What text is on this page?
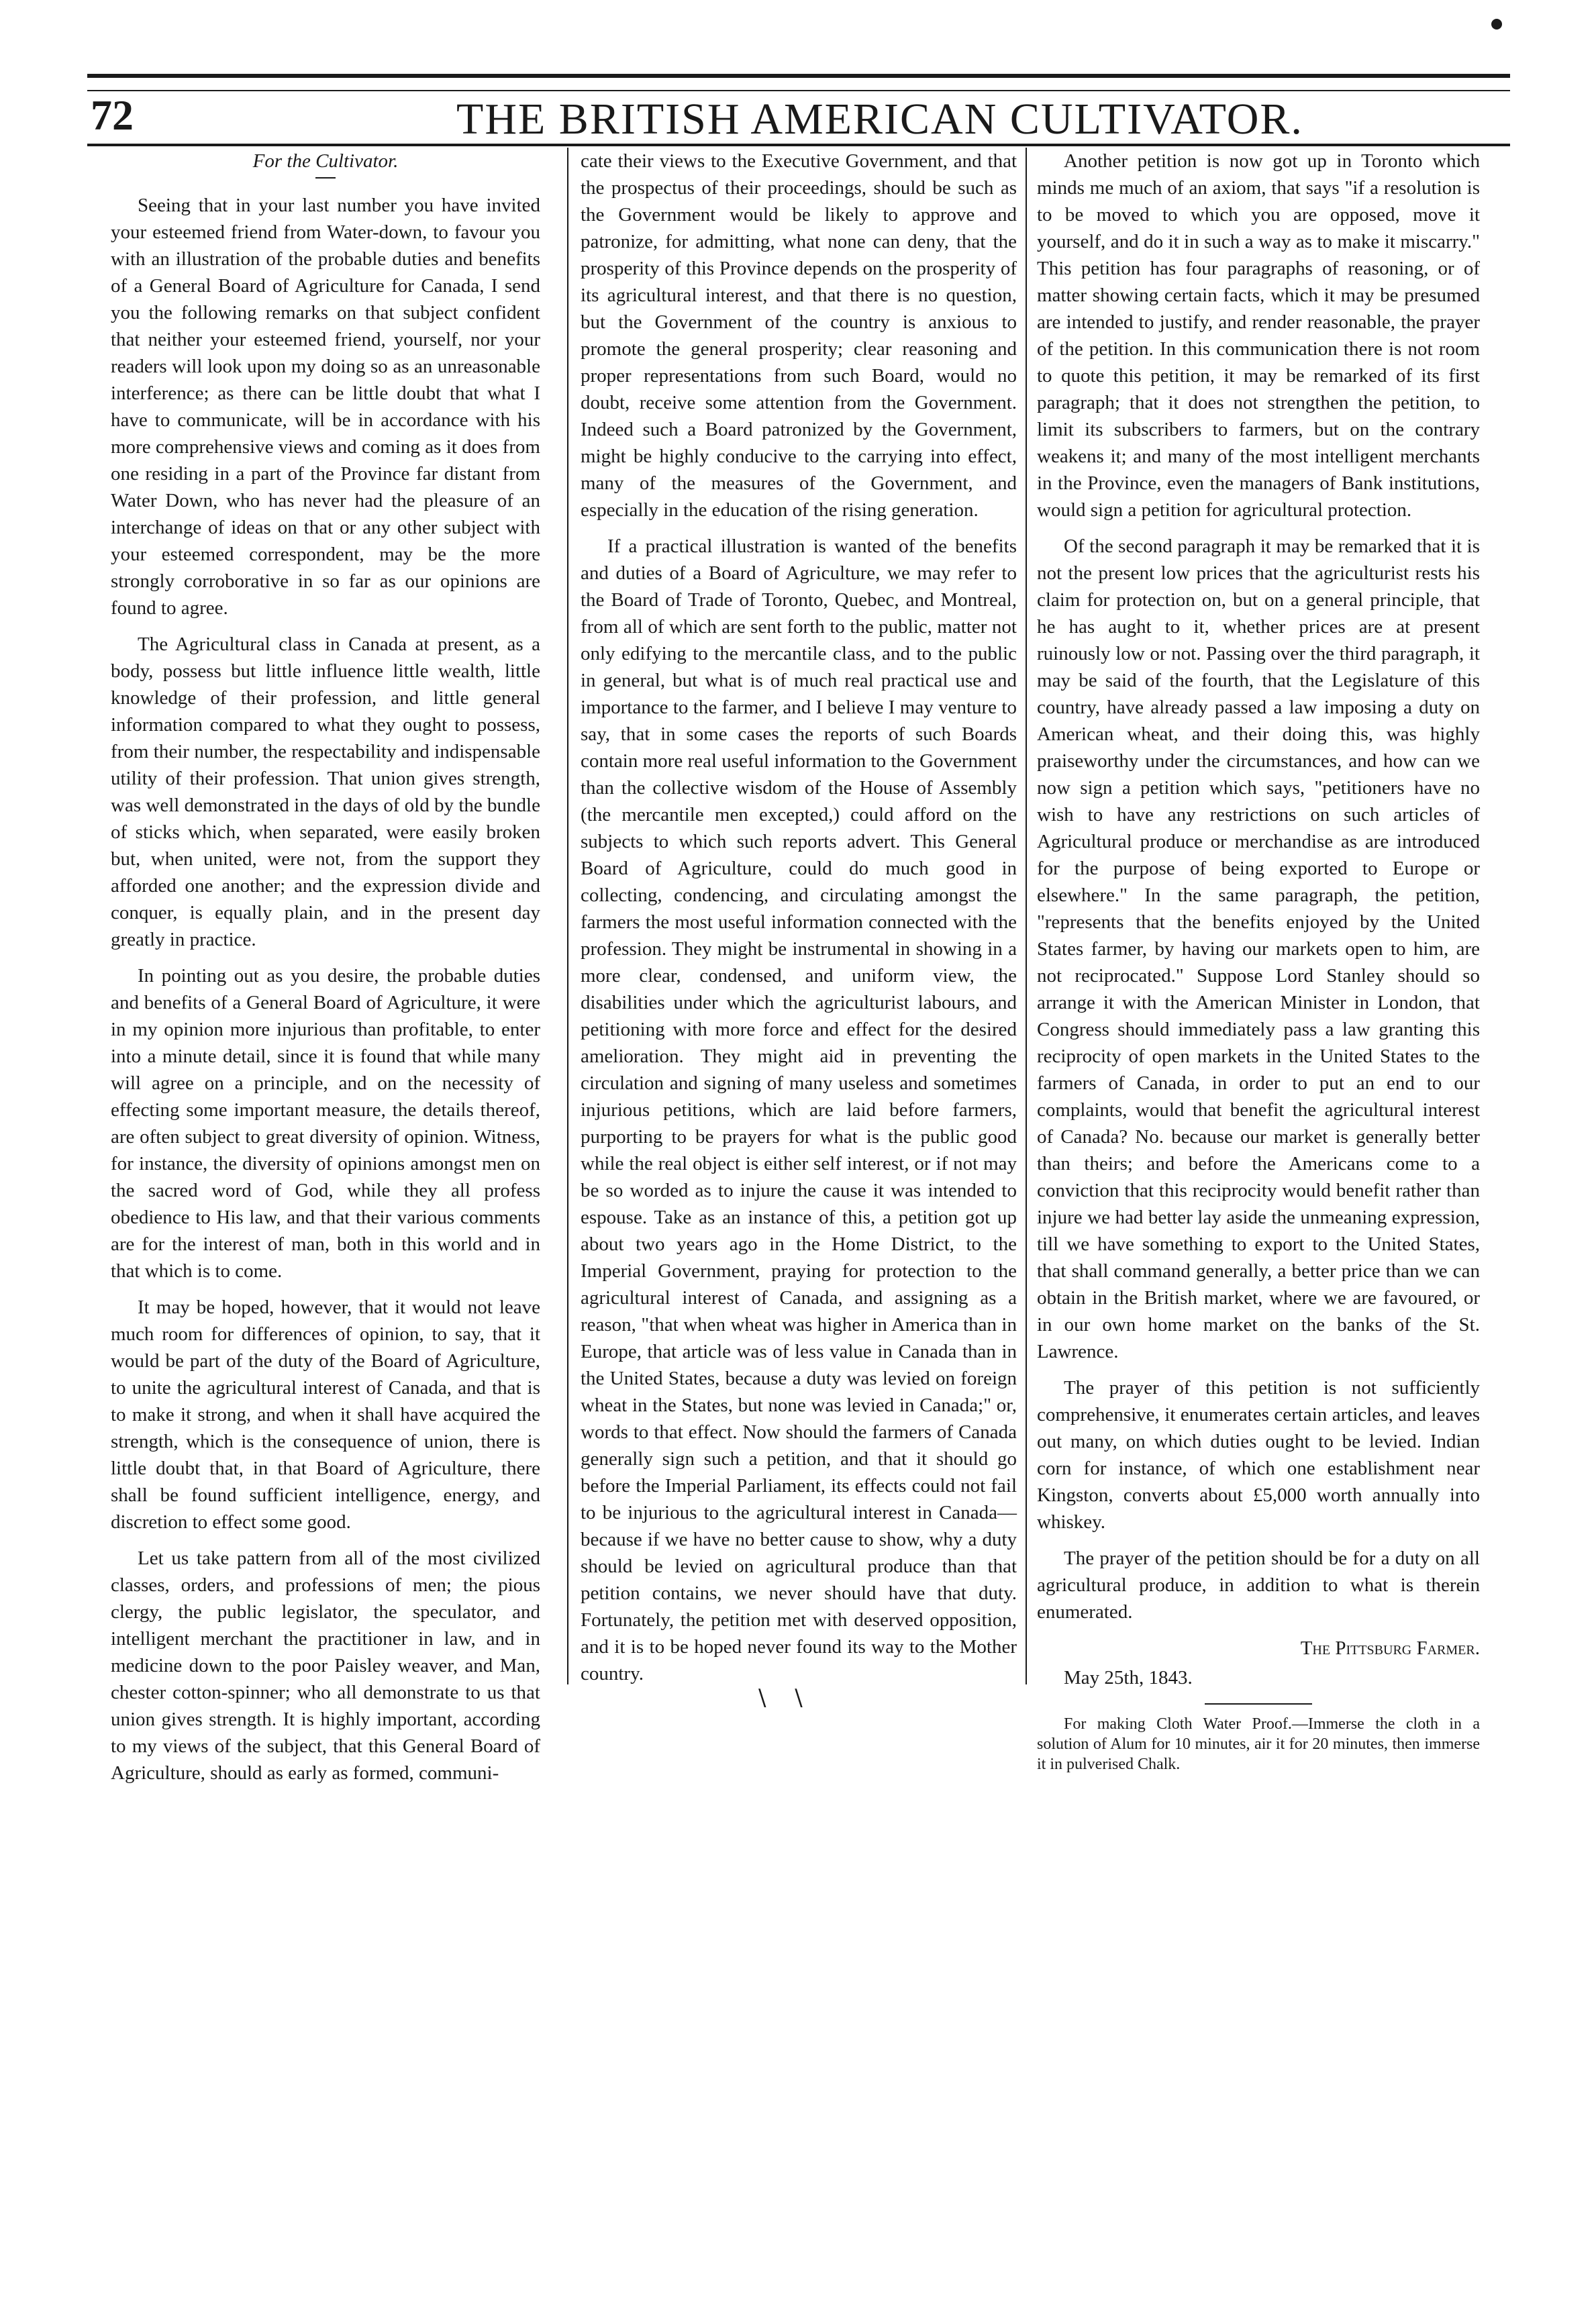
72	THE BRITISH AMERICAN CULTIVATOR.
For the Cultivator.

Seeing that in your last number you have invited your esteemed friend from Water-down, to favour you with an illustration of the probable duties and benefits of a General Board of Agriculture for Canada, I send you the following remarks on that subject confident that neither your esteemed friend, yourself, nor your readers will look upon my doing so as an unreasonable interference; as there can be little doubt that what I have to communicate, will be in accordance with his more comprehensive views and coming as it does from one residing in a part of the Province far distant from Water Down, who has never had the pleasure of an interchange of ideas on that or any other subject with your esteemed correspondent, may be the more strongly corroborative in so far as our opinions are found to agree.

The Agricultural class in Canada at present, as a body, possess but little influence little wealth, little knowledge of their profession, and little general information compared to what they ought to possess, from their number, the respectability and indispensable utility of their profession. That union gives strength, was well demonstrated in the days of old by the bundle of sticks which, when separated, were easily broken but, when united, were not, from the support they afforded one another; and the expression divide and conquer, is equally plain, and in the present day greatly in practice.

In pointing out as you desire, the probable duties and benefits of a General Board of Agriculture, it were in my opinion more injurious than profitable, to enter into a minute detail, since it is found that while many will agree on a principle, and on the necessity of effecting some important measure, the details thereof, are often subject to great diversity of opinion. Witness, for instance, the diversity of opinions amongst men on the sacred word of God, while they all profess obedience to His law, and that their various comments are for the interest of man, both in this world and in that which is to come.

It may be hoped, however, that it would not leave much room for differences of opinion, to say, that it would be part of the duty of the Board of Agriculture, to unite the agricultural interest of Canada, and that is to make it strong, and when it shall have acquired the strength, which is the consequence of union, there is little doubt that, in that Board of Agriculture, there shall be found sufficient intelligence, energy, and discretion to effect some good.

Let us take pattern from all of the most civilized classes, orders, and professions of men; the pious clergy, the public legislator, the speculator, and intelligent merchant the practitioner in law, and in medicine down to the poor Paisley weaver, and Man, chester cotton-spinner; who all demonstrate to us that union gives strength. It is highly important, according to my views of the subject, that this General Board of Agriculture, should as early as formed, communi-

cate their views to the Executive Government, and that the prospectus of their proceedings, should be such as the Government would be likely to approve and patronize, for admitting, what none can deny, that the prosperity of this Province depends on the prosperity of its agricultural interest, and that there is no question, but the Government of the country is anxious to promote the general prosperity; clear reasoning and proper representations from such Board, would no doubt, receive some attention from the Government. Indeed such a Board patronized by the Government, might be highly conducive to the carrying into effect, many of the measures of the Government, and especially in the education of the rising generation.

If a practical illustration is wanted of the benefits and duties of a Board of Agriculture, we may refer to the Board of Trade of Toronto, Quebec, and Montreal, from all of which are sent forth to the public, matter not only edifying to the mercantile class, and to the public in general, but what is of much real practical use and importance to the farmer, and I believe I may venture to say, that in some cases the reports of such Boards contain more real useful information to the Government than the collective wisdom of the House of Assembly (the mercantile men excepted,) could afford on the subjects to which such reports advert. This General Board of Agriculture, could do much good in collecting, condencing, and circulating amongst the farmers the most useful information connected with the profession. They might be instrumental in showing in a more clear, condensed, and uniform view, the disabilities under which the agriculturist labours, and petitioning with more force and effect for the desired amelioration. They might aid in preventing the circulation and signing of many useless and sometimes injurious petitions, which are laid before farmers, purporting to be prayers for what is the public good while the real object is either self interest, or if not may be so worded as to injure the cause it was intended to espouse. Take as an instance of this, a petition got up about two years ago in the Home District, to the Imperial Government, praying for protection to the agricultural interest of Canada, and assigning as a reason, "that when wheat was higher in America than in Europe, that article was of less value in Canada than in the United States, because a duty was levied on foreign wheat in the States, but none was levied in Canada;" or, words to that effect. Now should the farmers of Canada generally sign such a petition, and that it should go before the Imperial Parliament, its effects could not fail to be injurious to the agricultural interest in Canada—because if we have no better cause to show, why a duty should be levied on agricultural produce than that petition contains, we never should have that duty. Fortunately, the petition met with deserved opposition, and it is to be hoped never found its way to the Mother country.

Another petition is now got up in Toronto which minds me much of an axiom, that says "if a resolution is to be moved to which you are opposed, move it yourself, and do it in such a way as to make it miscarry." This petition has four paragraphs of reasoning, or of matter showing certain facts, which it may be presumed are intended to justify, and render reasonable, the prayer of the petition. In this communication there is not room to quote this petition, it may be remarked of its first paragraph; that it does not strengthen the petition, to limit its subscribers to farmers, but on the contrary weakens it; and many of the most intelligent merchants in the Province, even the managers of Bank institutions, would sign a petition for agricultural protection.

Of the second paragraph it may be remarked that it is not the present low prices that the agriculturist rests his claim for protection on, but on a general principle, that he has aught to it, whether prices are at present ruinously low or not. Passing over the third paragraph, it may be said of the fourth, that the Legislature of this country, have already passed a law imposing a duty on American wheat, and their doing this, was highly praiseworthy under the circumstances, and how can we now sign a petition which says, "petitioners have no wish to have any restrictions on such articles of Agricultural produce or merchandise as are introduced for the purpose of being exported to Europe or elsewhere." In the same paragraph, the petition, "represents that the benefits enjoyed by the United States farmer, by having our markets open to him, are not reciprocated." Suppose Lord Stanley should so arrange it with the American Minister in London, that Congress should immediately pass a law granting this reciprocity of open markets in the United States to the farmers of Canada, in order to put an end to our complaints, would that benefit the agricultural interest of Canada? No. because our market is generally better than theirs; and before the Americans come to a conviction that this reciprocity would benefit rather than injure we had better lay aside the unmeaning expression, till we have something to export to the United States, that shall command generally, a better price than we can obtain in the British market, where we are favoured, or in our own home market on the banks of the St. Lawrence.

The prayer of this petition is not sufficiently comprehensive, it enumerates certain articles, and leaves out many, on which duties ought to be levied. Indian corn for instance, of which one establishment near Kingston, converts about £5,000 worth annually into whiskey.

The prayer of the petition should be for a duty on all agricultural produce, in addition to what is therein enumerated.

The Pittsburg Farmer.
May 25th, 1843.

For making Cloth Water Proof.—Immerse the cloth in a solution of Alum for 10 minutes, air it for 20 minutes, then immerse it in pulverised Chalk.

\ \
